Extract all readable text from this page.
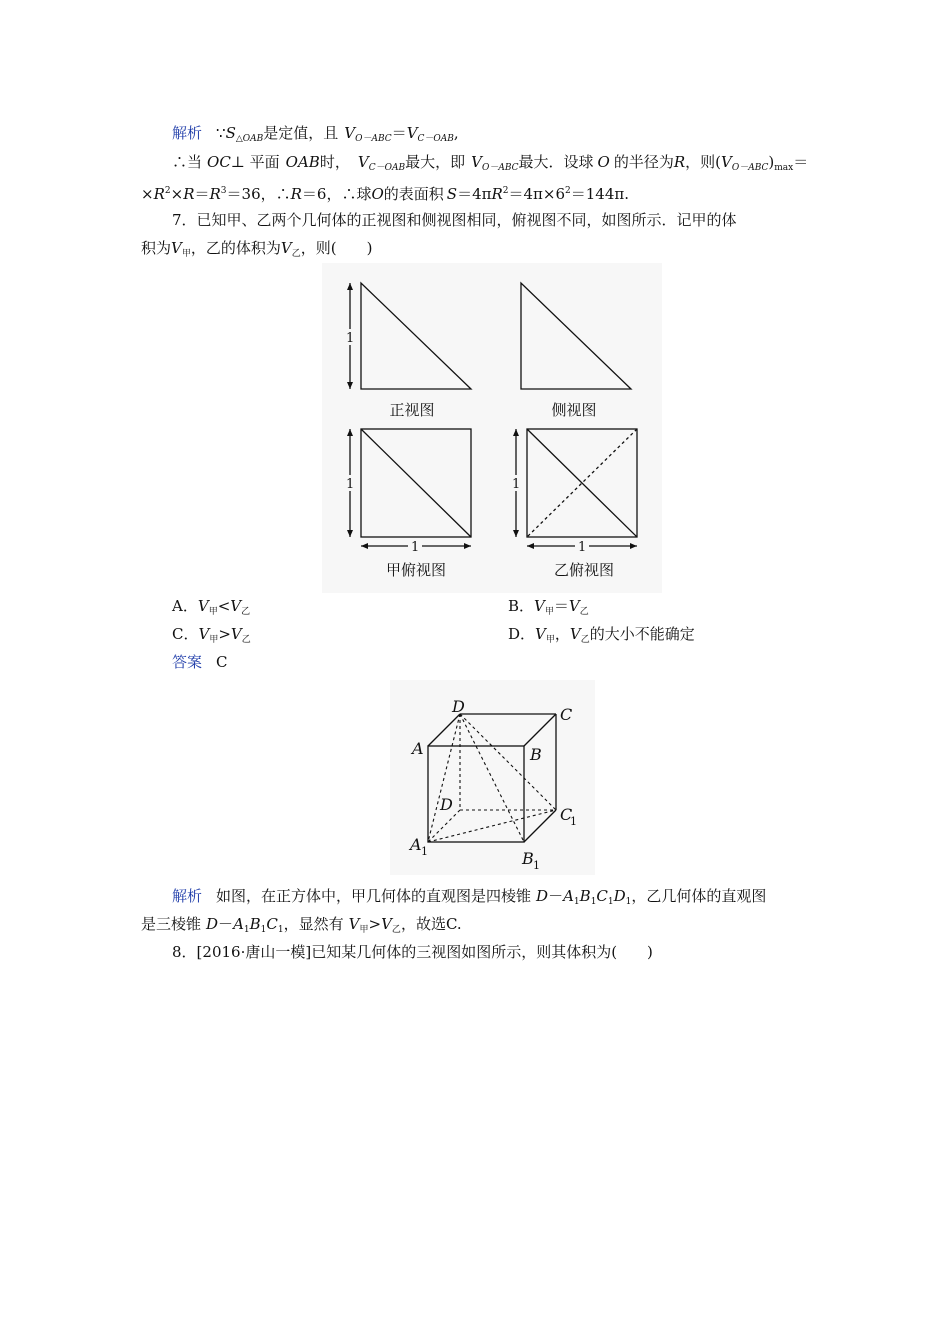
解析 $\because S_{\triangle OAB}$是定值，且 $V_{O-ABC}=V_{C-OAB}$,
∴当 OC⊥ 平面 OAB时， $V_{C-OAB}$最大，即 $V_{O-ABC}$最大．设球 O 的半径为R，则$(V_{O-ABC})_{max}=$
$\times R^2\times R=R^3=36$，∴R＝6，∴球O的表面积 $S=4\pi R^2=4\pi\times 6^2=144\pi$.
7．已知甲、乙两个几何体的正视图和侧视图相同，俯视图不同，如图所示．记甲的体
积为$V_甲$，乙的体积为$V_乙$，则(　　)
1
1	1
1	1
正视图	侧视图
甲俯视图	乙俯视图
A．$V_甲<V_乙$	B．$V_甲=V_乙$
C．$V_甲>V_乙$	D．$V_甲$，$V_乙$的大小不能确定
答案 C
D	C
A	B
D
C
1
A 1	B 1
解析 如图，在正方体中，甲几何体的直观图是四棱锥 $D-A_1B_1C_1D_1$，乙几何体的直观图
是三棱锥 $D-A_1B_1C_1$，显然有 $V_甲>V_乙$，故选C.
8．[2016·唐山一模]已知某几何体的三视图如图所示，则其体积为(　　)
